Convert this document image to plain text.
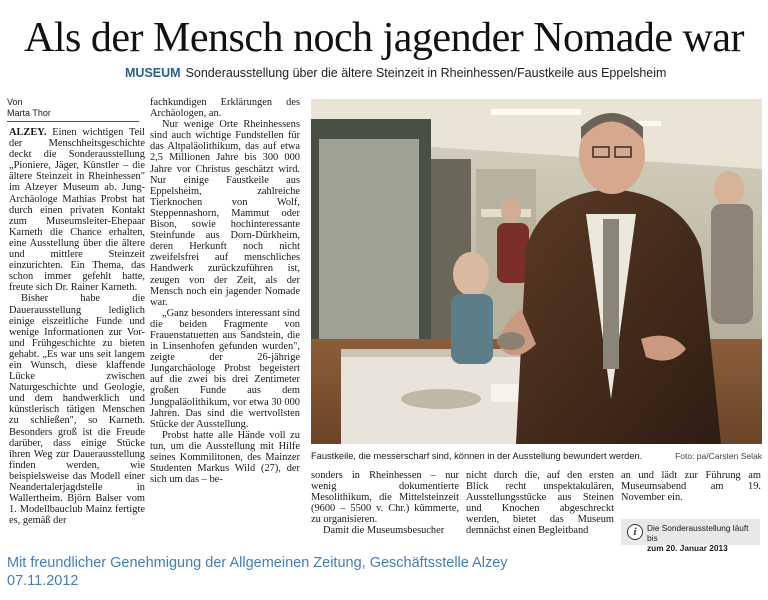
Als der Mensch noch jagender Nomade war
MUSEUM Sonderausstellung über die ältere Steinzeit in Rheinhessen/Faustkeile aus Eppelsheim
Von
Marta Thor

ALZEY. Einen wichtigen Teil der Menschheitsgeschichte deckt die Sonderausstellung „Pioniere, Jäger, Künstler – die ältere Steinzeit in Rheinhessen" im Alzeyer Museum ab. Jung-Archäologe Mathias Probst hat durch einen privaten Kontakt zum Museumsleiter-Ehepaar Karneth die Chance erhalten, eine Ausstellung über die ältere und mittlere Steinzeit einzurichten. Ein Thema, das schon immer gefehlt hatte, freute sich Dr. Rainer Karneth.

Bisher habe die Dauerausstellung lediglich einige eiszeitliche Funde und wenige Informationen zur Vor- und Frühgeschichte zu bieten gehabt. „Es war uns seit langem ein Wunsch, diese klaffende Lücke zwischen Naturgeschichte und Geologie, und dem handwerklich und künstlerisch tätigen Menschen zu schließen", so Karneth. Besonders groß ist die Freude darüber, dass einige Stücke ihren Weg zur Dauerausstellung finden werden, wie beispielsweise das Modell einer Neandertalerjagdstelle in Wallertheim. Björn Balser vom 1. Modellbauclub Mainz fertigte es, gemäß der

fachkundigen Erklärungen des Archäologen, an.

Nur wenige Orte Rheinhessens sind auch wichtige Fundstellen für das Altpaläolithikum, das auf etwa 2,5 Millionen Jahre bis 300 000 Jahre vor Christus geschätzt wird. Nur einige Faustkeile aus Eppelsheim, zahlreiche Tierknochen von Wolf, Steppennashorn, Mammut oder Bison, sowie hochinteressante Steinfunde aus Dorn-Dürkheim, deren Herkunft noch nicht zweifelsfrei auf menschliches Handwerk zurückzuführen ist, zeugen von der Zeit, als der Mensch noch ein jagender Nomade war.

„Ganz besonders interessant sind die beiden Fragmente von Frauenstatuetten aus Sandstein, die in Linsenhofen gefunden wurden", zeigte der 26-jährige Jungarchäologe Probst begeistert auf die zwei bis drei Zentimeter großen Funde aus dem Jungpaläolithikum, vor etwa 30 000 Jahren. Das sind die wertvollsten Stücke der Ausstellung.

Probst hatte alle Hände voll zu tun, um die Ausstellung mit Hilfe seines Kommilitonen, des Mainzer Studenten Markus Wild (27), der sich um das – be-

Faustkeile, die messerscharf sind, können in der Ausstellung bewundert werden.	Foto: pa/Carsten Selak

sonders in Rheinhessen – nur wenig dokumentierte Mesolithikum, die Mittelsteinzeit (9600 – 5500 v. Chr.) kümmerte, zu organisieren.

Damit die Museumsbesucher

nicht durch die, auf den ersten Blick recht unspektakulären, Ausstellungsstücke aus Steinen und Knochen abgeschreckt werden, bietet das Museum demnächst einen Begleitband

an und lädt zur Führung am Museumsabend am 19. November ein.

i	Die Sonderausstellung läuft bis
zum 20. Januar 2013
Mit freundlicher Genehmigung der Allgemeinen Zeitung, Geschäftsstelle Alzey
07.11.2012
